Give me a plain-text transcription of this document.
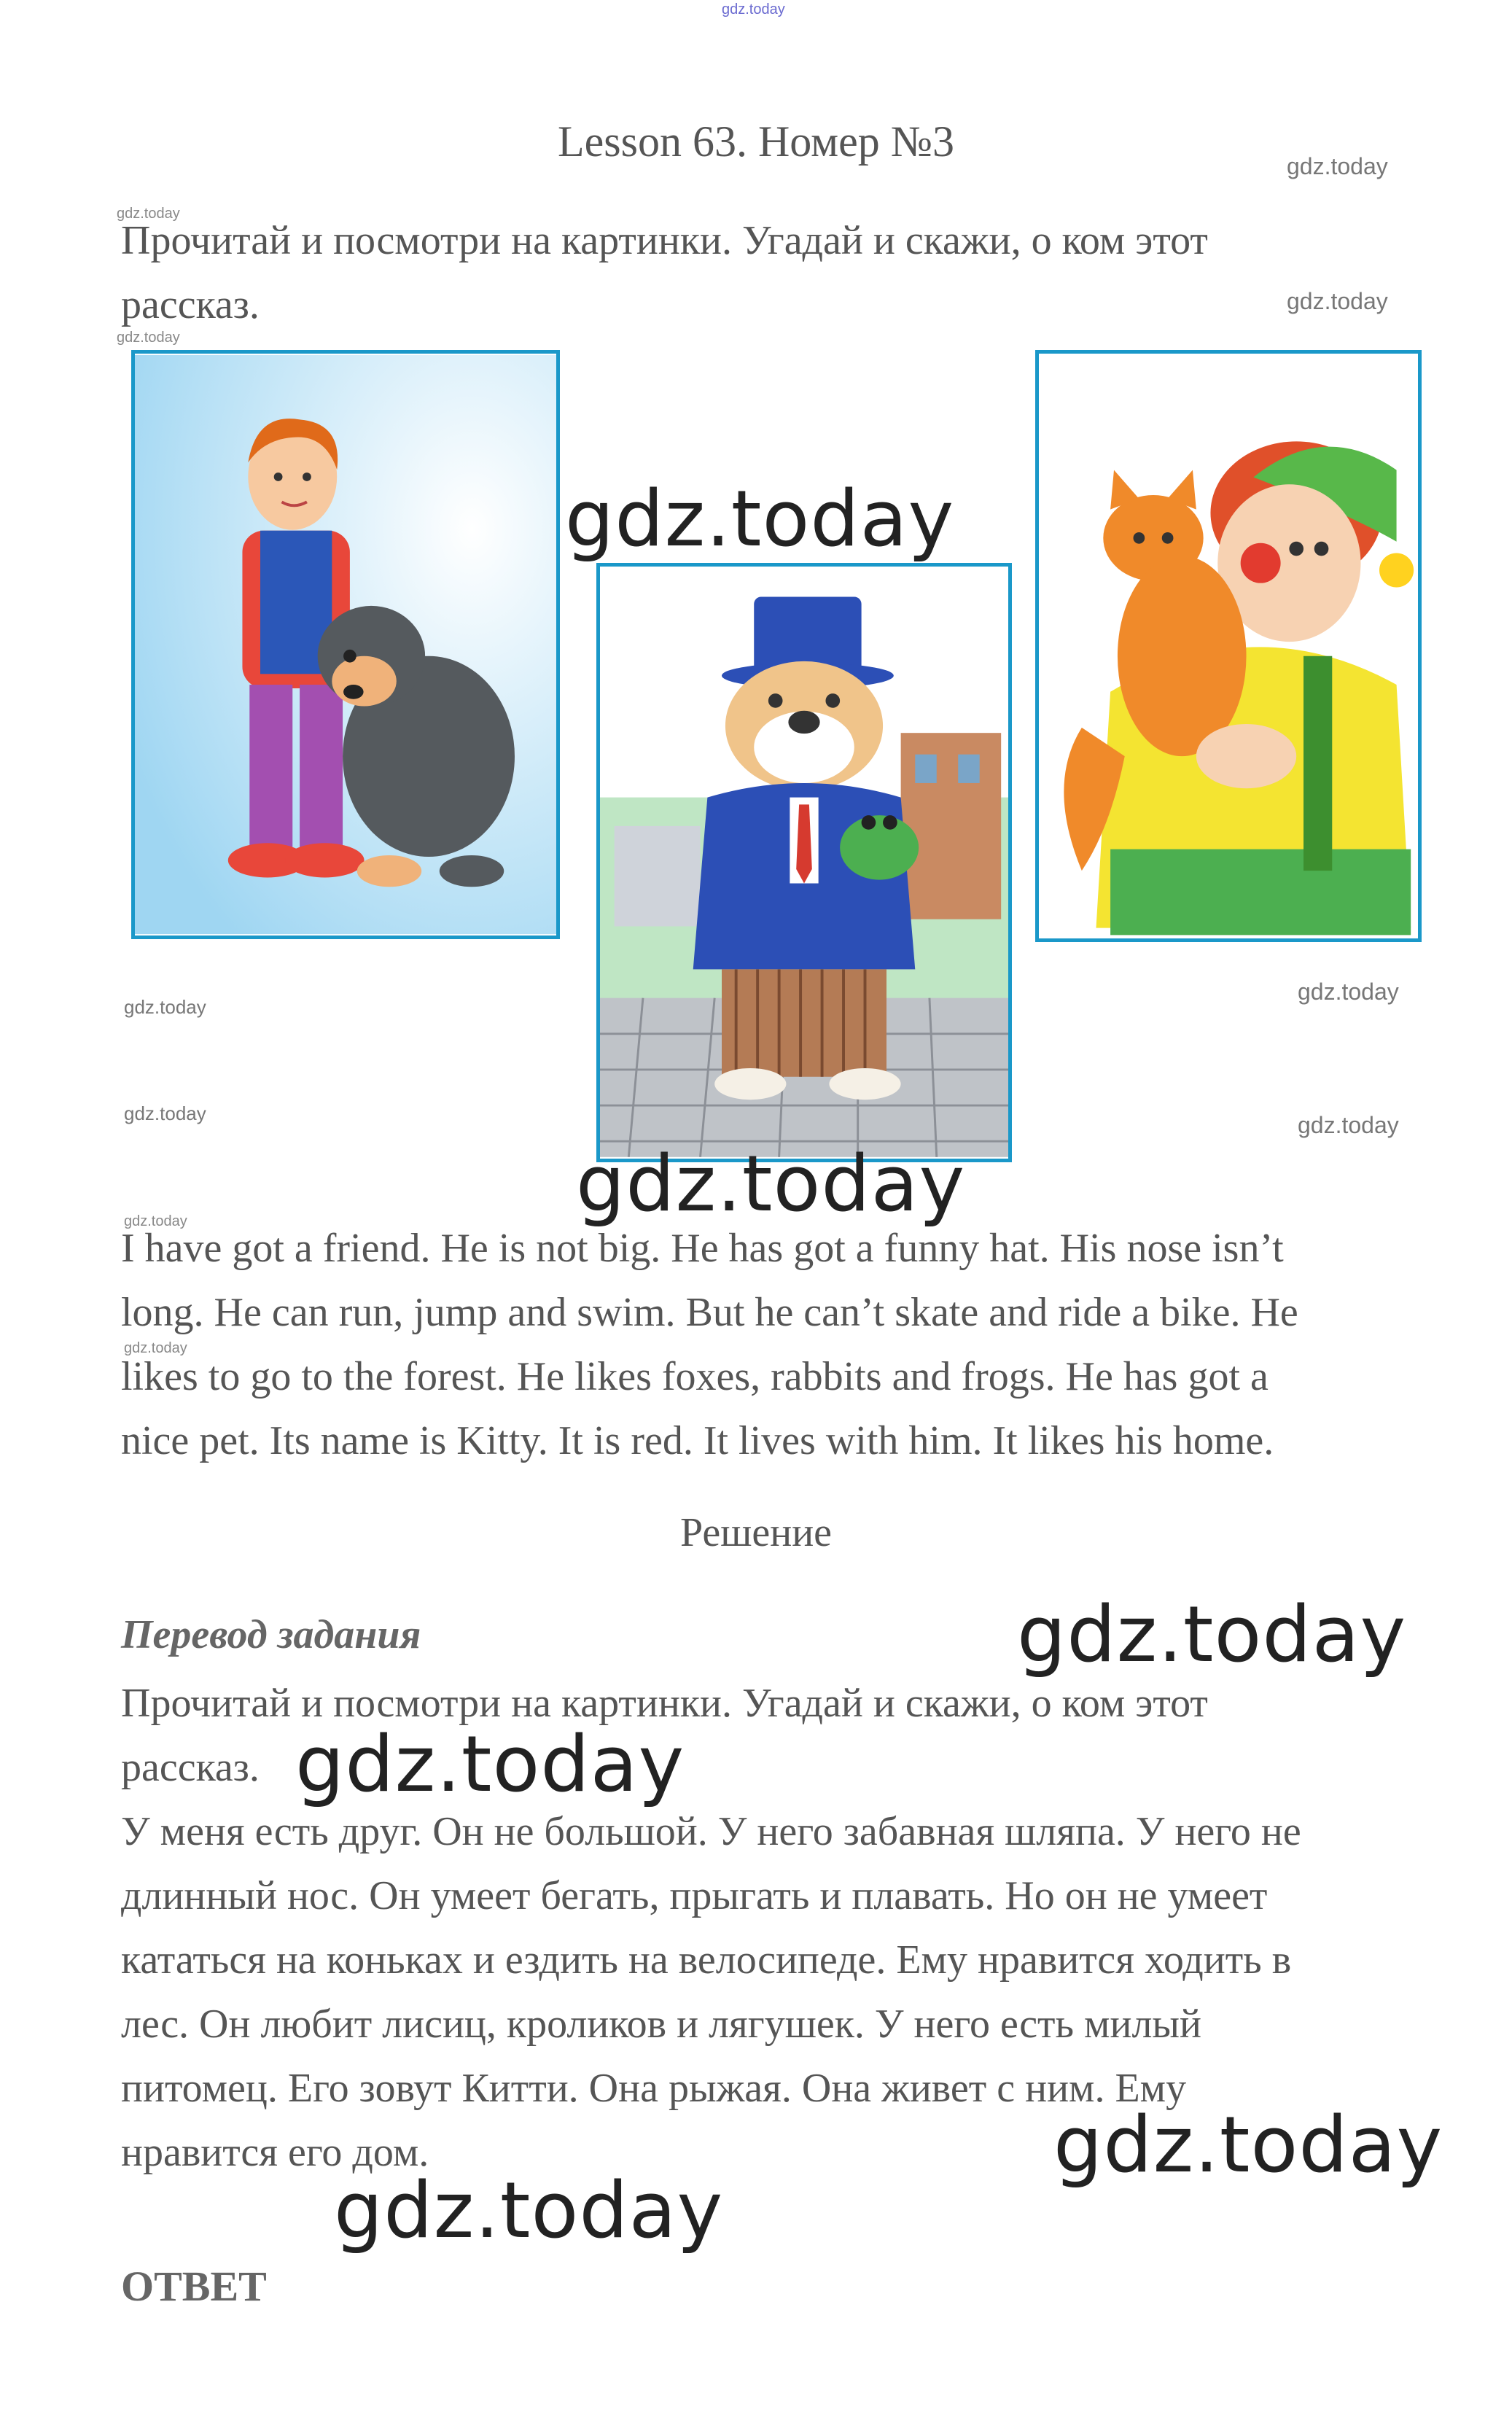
gdz.today
Lesson 63. Номер №3
gdz.today
gdz.today
gdz.today
gdz.today
gdz.today
gdz.today
gdz.today
gdz.today
gdz.today
gdz.today
Прочитай и посмотри на картинки. Угадай и скажи, о ком этот
рассказ.
gdz.today
gdz.today
gdz.today
gdz.today
gdz.today
gdz.today
I have got a friend. He is not big. He has got a funny hat. His nose isn’t
long. He can run, jump and swim. But he can’t skate and ride a bike. He
likes to go to the forest. He likes foxes, rabbits and frogs. He has got a
nice pet. Its name is Kitty. It is red. It lives with him. It likes his home.
Решение
Перевод задания
Прочитай и посмотри на картинки. Угадай и скажи, о ком этот
рассказ.
У меня есть друг. Он не большой. У него забавная шляпа. У него не
длинный нос. Он умеет бегать, прыгать и плавать. Но он не умеет
кататься на коньках и ездить на велосипеде. Ему нравится ходить в
лес. Он любит лисиц, кроликов и лягушек. У него есть милый
питомец. Его зовут Китти. Она рыжая. Она живет с ним. Ему
нравится его дом.
ОТВЕТ
